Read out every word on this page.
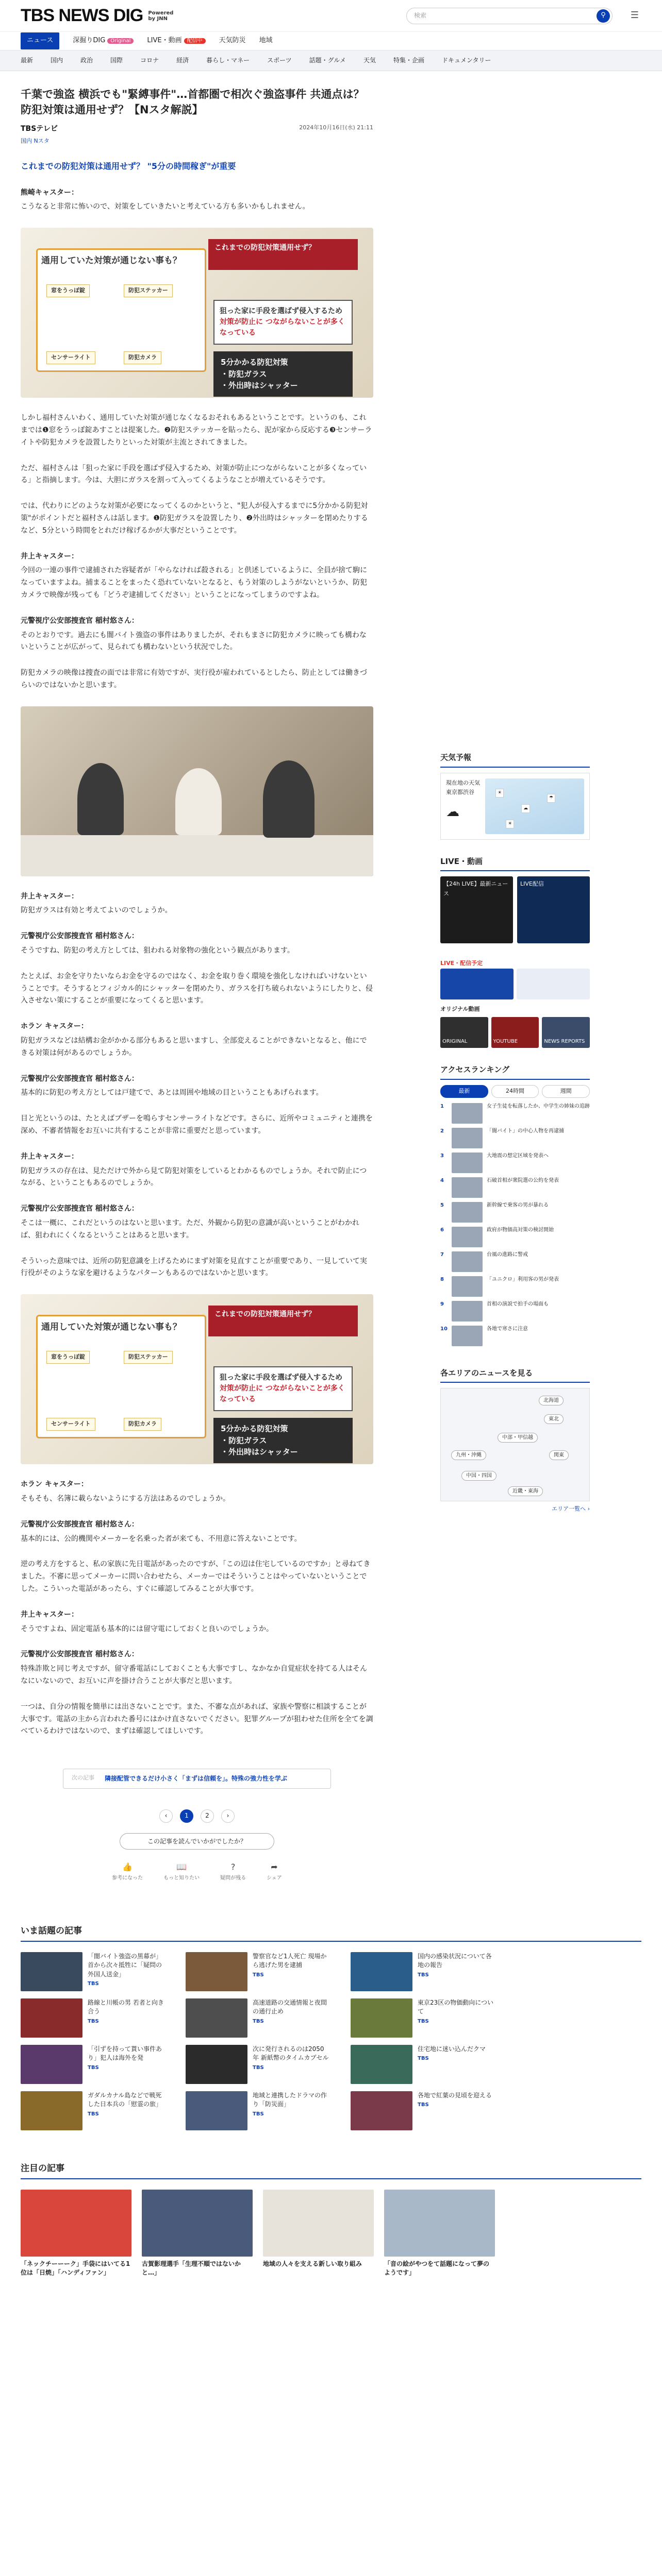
TBS NEWS DIG Powered
by JNN	検索	⚲	☰
ニュース	深掘りDIG Original	LIVE・動画 配信中	天気防災 地域
最新	国内	政治	国際	コロナ	経済	暮らし・マネー	スポーツ	話題・グルメ	天気	特集・企画	ドキュメンタリー
千葉で強盗 横浜でも"緊縛事件"…首都圏で相次ぐ強盗事件 共通点は？ 防犯対策は通用せず？【Nスタ解説】
TBSテレビ	2024年10月16日(水) 21:11
国内 Nスタ
これまでの防犯対策は通用せず？ "5分の時間稼ぎ"が重要
熊崎キャスター：

こうなると非常に怖いので、対策をしていきたいと考えている方も多いかもしれません。

これまでの防犯対策通用せず？
通用していた対策が通じない事も？
窓をうっぽ錠	防犯ステッカー
センサーライト	防犯カメラ
狙った家に手段を選ばず侵入するため 対策が防止に つながらないことが多くなっている
5分かかる防犯対策
・防犯ガラス
・外出時はシャッター

しかし福村さんいわく、通用していた対策が通じなくなるおそれもあるということです。というのも、これまでは❶窓をうっぽ錠あすことは提案した。❷防犯ステッカーを貼ったら、泥が家から反応する❸センサーライトや防犯カメラを設置したりといった対策が主流とされてきました。

ただ、福村さんは「狙った家に手段を選ばず侵入するため、対策が防止につながらないことが多くなっている」と指摘します。今は、大胆にガラスを割って入ってくるようなことが増えているそうです。

では、代わりにどのような対策が必要になってくるのかというと、"犯人が侵入するまでに5分かかる防犯対策"がポイントだと福村さんは話します。❶防犯ガラスを設置したり、❷外出時はシャッターを閉めたりするなど、5分という時間をとれだけ稼げるかが大事だということです。

井上キャスター：

今回の一連の事件で逮捕された容疑者が「やらなければ殺される」と供述しているように、全員が捨て駒になっていますよね。捕まることをまったく恐れていないとなると、もう対策のしようがないというか、防犯カメラで映像が残っても「どうぞ逮捕してください」ということになってしまうのですよね。

元警視庁公安部捜査官 稲村悠さん：

そのとおりです。過去にも闇バイト強盗の事件はありましたが、それもまさに防犯カメラに映っても構わないということが広がって、見られても構わないという状況でした。

防犯カメラの映像は捜査の面では非常に有効ですが、実行役が雇われているとしたら、防止としては働きづらいのではないかと思います。

井上キャスター：

防犯ガラスは有効と考えてよいのでしょうか。

元警視庁公安部捜査官 稲村悠さん：

そうですね、防犯の考え方としては、狙われる対象物の強化という観点があります。

たとえば、お金を守りたいならお金を守るのではなく、お金を取り巻く環境を強化しなければいけないということです。そうするとフィジカル的にシャッターを閉めたり、ガラスを打ち破られないようにしたりと、侵入させない策にすることが重要になってくると思います。

ホラン キャスター：

防犯ガラスなどは結構お金がかかる部分もあると思いますし、全部変えることができないとなると、他にできる対策は何があるのでしょうか。

元警視庁公安部捜査官 稲村悠さん：

基本的に防犯の考え方としては戸建てで、あとは周囲や地域の目ということもあげられます。

目と光というのは、たとえばブザーを鳴らすセンサーライトなどです。さらに、近所やコミュニティと連携を深め、不審者情報をお互いに共有することが非常に重要だと思っています。

井上キャスター：

防犯ガラスの存在は、見ただけで外から見て防犯対策をしているとわかるものでしょうか。それで防止につながる、ということもあるのでしょうか。

元警視庁公安部捜査官 稲村悠さん：

そこは一概に、これだというのはないと思います。ただ、外観から防犯の意識が高いということがわかれば、狙われにくくなるということはあると思います。

そういった意味では、近所の防犯意識を上げるためにまず対策を見直すことが重要であり、一見していて実行役がそのような家を避けるようなパターンもあるのではないかと思います。

これまでの防犯対策通用せず？
通用していた対策が通じない事も？
窓をうっぽ錠	防犯ステッカー
センサーライト	防犯カメラ
狙った家に手段を選ばず侵入するため 対策が防止に つながらないことが多くなっている
5分かかる防犯対策
・防犯ガラス
・外出時はシャッター
ホラン キャスター：

そもそも、名簿に載らないようにする方法はあるのでしょうか。

元警視庁公安部捜査官 稲村悠さん：

基本的には、公的機関やメーカーを名乗った者が来ても、不用意に答えないことです。

逆の考え方をすると、私の家族に先日電話があったのですが、「この辺は住宅しているのですか」と尋ねてきました。不審に思ってメーカーに問い合わせたら、メーカーではそういうことはやっていないということでした。こういった電話があったら、すぐに確認してみることが大事です。

井上キャスター：

そうですよね、固定電話も基本的には留守電にしておくと良いのでしょうか。

元警視庁公安部捜査官 稲村悠さん：

特殊詐欺と同じ考えですが、留守番電話にしておくことも大事ですし、なかなか自覚症状を持てる人はそんなにいないので、お互いに声を掛け合うことが大事だと思います。

一つは、自分の情報を簡単には出さないことです。また、不審な点があれば、家族や警察に相談することが大事です。電話の主から言われた番号にはかけ直さないでください。犯罪グループが狙わせた住所を全てを調べているわけではないので、まずは確認してほしいです。

次の記事 隣接配管できるだけ小さく「まずは信頼を」。特殊の強力性を学ぶ
‹	1	2	›
この記事を読んでいかがでしたか？
👍
参考になった
📖
もっと知りたい
?
疑問が残る
➦
シェア
天気予報
現在地の天気
東京都渋谷
☁
☀
☁
☂
☀
LIVE・動画
【24h LIVE】最新ニュース
LIVE配信
LIVE・配信予定
オリジナル動画
ORIGINAL	YOUTUBE	NEWS REPORTS
アクセスランキング
最新	24時間	週間
1	女子生徒を転落したか、中学生の姉妹の追跡
2	「闇バイト」の中心人物を再逮捕
3	大地震の想定区域を発表へ
4	石破首相が衆院選の公約を発表
5	新幹線で乗客の男が暴れる
6	政府が物価高対策の検討開始
7	台風の進路に警戒
8	「ユニクロ」利用客の男が発表
9	首相の演説で拍手の場面も
10	各地で寒さに注意
各エリアのニュースを見る
北海道
東北
中部・甲信越
関東
九州・沖縄
中国・四国
近畿・東海
エリア一覧へ ›
いま話題の記事
「闇バイト強盗の黒幕が」首から次々抵牲に「疑問の外国人送金」
TBS
警察官など1人死亡 現場から逃げた男を逮捕
TBS
国内の感染状況について各地の報告
TBS
路線と川帳の男 若者と向き合う
TBS
高速道路の交通情報と夜間の通行止め
TBS
東京23区の物価動向について
TBS
「引ずを持って貰い事件あり」犯人は海外を発
TBS
次に発行されるのは2050年 新紙幣のタイムカプセル
TBS
住宅地に迷い込んだクマ
TBS
ガダルカナル島などで戦死した日本兵の「慰霊の旅」
TBS
地域と連携したドラマの作り「防災面」
TBS
各地で紅葉の見頃を迎える
TBS
注目の記事
「ネックチーーーク」手袋にはいてる1位は「日焼」「ハンディファン」
古賀影理選手「生理不順ではないかと…」
地域の人々を支える新しい取り組み	「音の絵がやつをて話題になって夢のようです」
